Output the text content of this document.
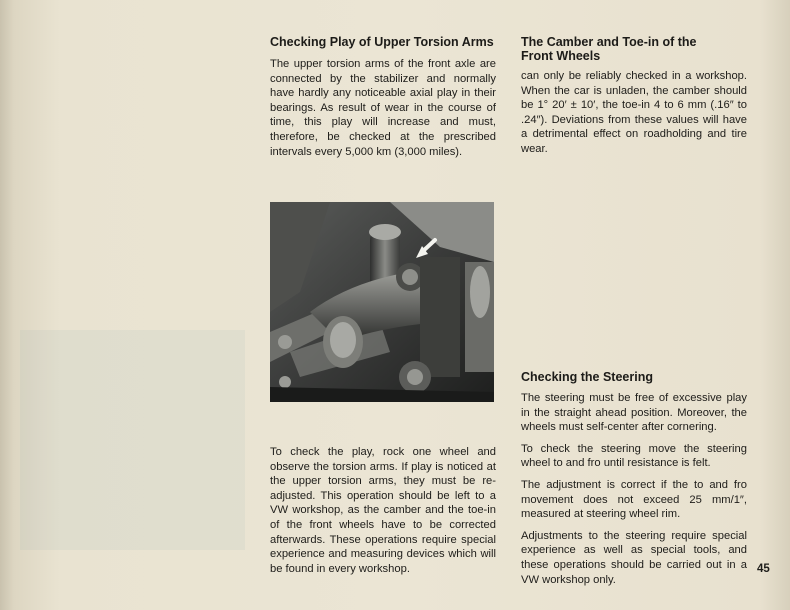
Checking Play of Upper Torsion Arms

The upper torsion arms of the front axle are connected by the stabilizer and normally have hardly any noticeable axial play in their bearings. As result of wear in the course of time, this play will increase and must, therefore, be checked at the prescribed intervals every 5,000 km (3,000 miles).

The Camber and Toe-in of the
Front Wheels

can only be reliably checked in a workshop. When the car is unladen, the camber should be 1° 20′ ± 10′, the toe-in 4 to 6 mm (.16″ to .24″). Deviations from these values will have a detrimental effect on roadholding and tire wear.

To check the play, rock one wheel and observe the torsion arms. If play is noticed at the upper torsion arms, they must be re-adjusted. This operation should be left to a VW workshop, as the camber and the toe-in of the front wheels have to be corrected afterwards. These operations require special experience and measuring devices which will be found in every workshop.

Checking the Steering

The steering must be free of excessive play in the straight ahead position. Moreover, the wheels must self-center after cornering.

To check the steering move the steering wheel to and fro until resistance is felt.

The adjustment is correct if the to and fro movement does not exceed 25 mm/1″, measured at steering wheel rim.

Adjustments to the steering require special experience as well as special tools, and these operations should be carried out in a VW workshop only.

45
